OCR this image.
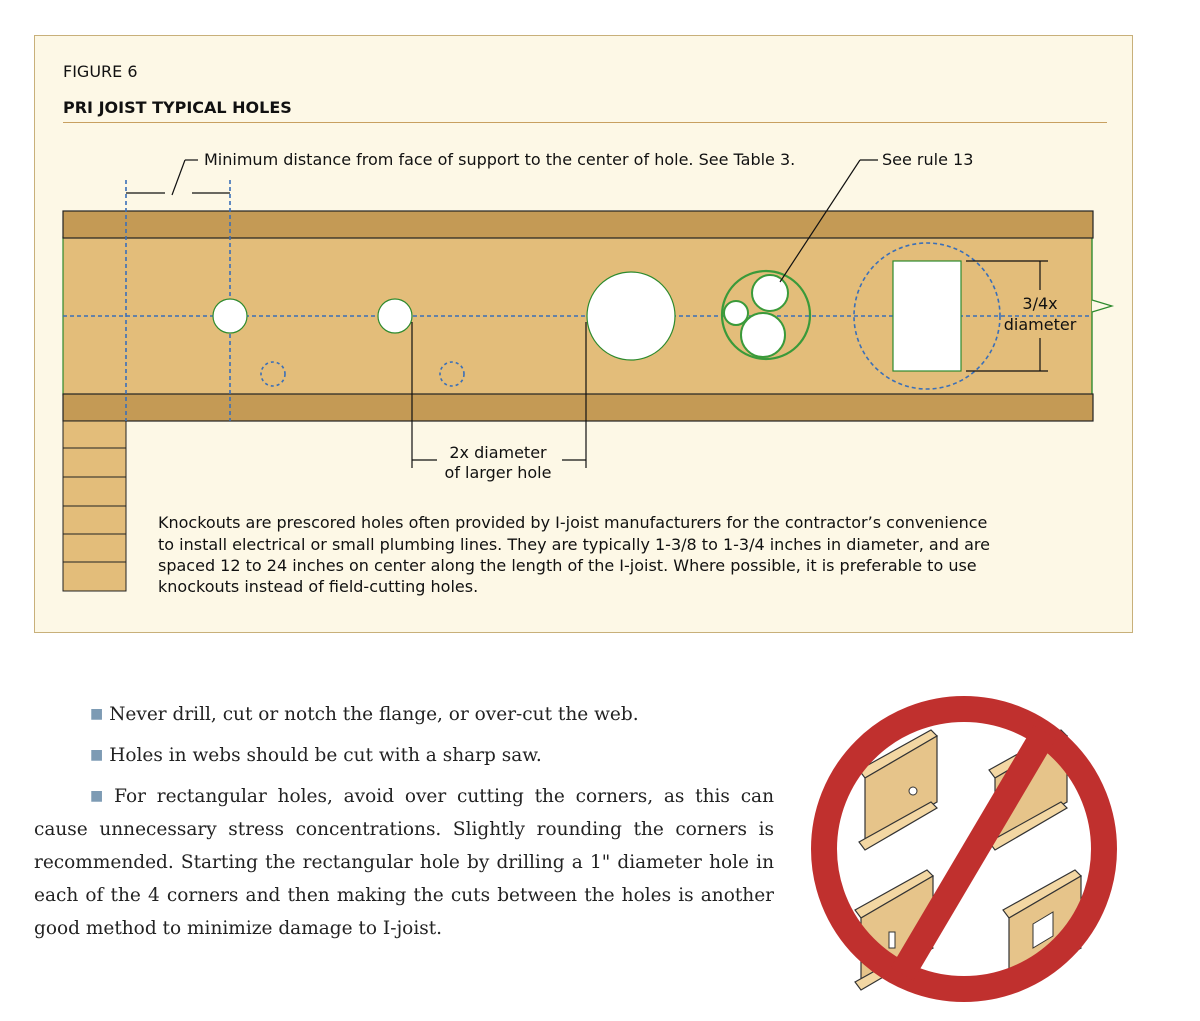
FIGURE 6
PRI JOIST TYPICAL HOLES
Minimum distance from face of support to the center of hole. See Table 3.
2x diameter
of larger hole
See rule 13
3/4x
diameter
Knockouts are prescored holes often provided by I-joist manufacturers for the contractor’s convenience
to install electrical or small plumbing lines. They are typically 1-3/8 to 1-3/4 inches in diameter, and are
spaced 12 to 24 inches on center along the length of the I-joist. Where possible, it is preferable to use
knockouts instead of field-cutting holes.

■ Never drill, cut or notch the flange, or over-cut the web.

■ Holes in webs should be cut with a sharp saw.

■ For rectangular holes, avoid over cutting the corners, as this can cause unnecessary stress concentrations. Slightly rounding the corners is recommended. Starting the rectangular hole by drilling a 1" diameter hole in each of the 4 corners and then making the cuts between the holes is another good method to minimize damage to I-joist.
